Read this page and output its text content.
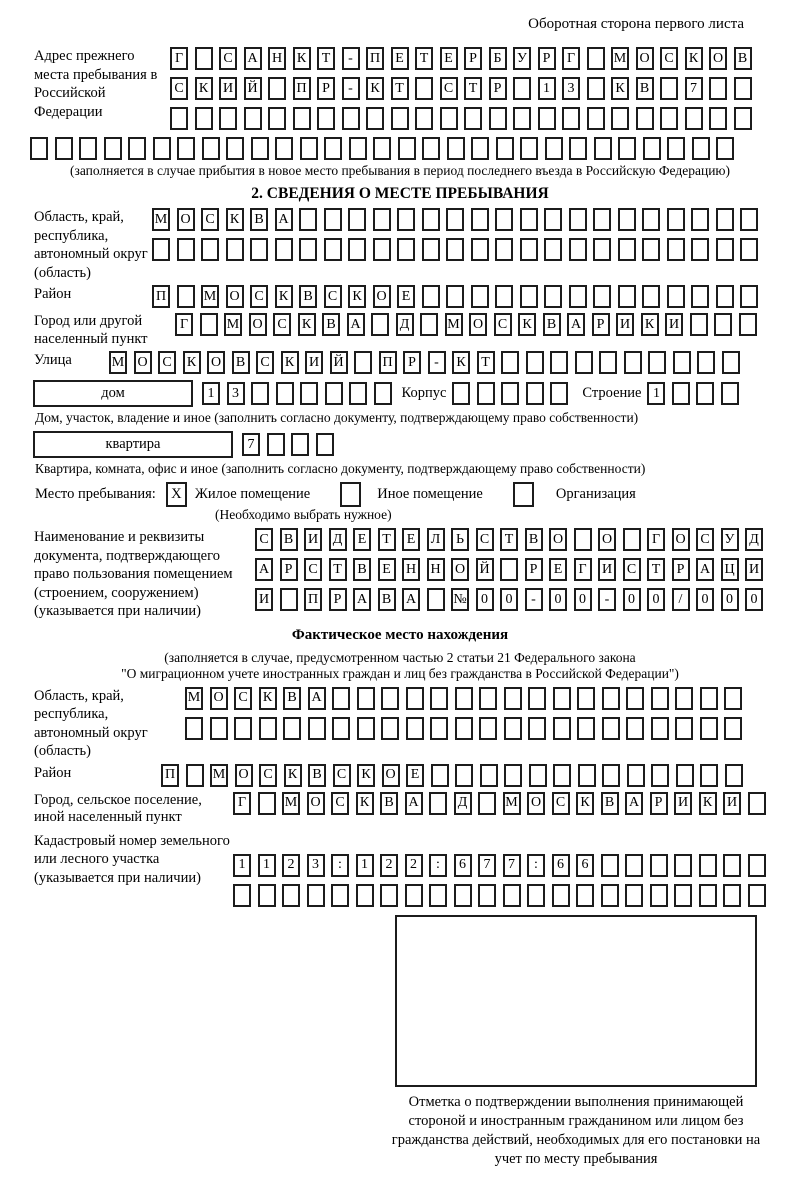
Оборотная сторона первого листа
Адрес прежнего места пребывания в Российской Федерации
Г	С	А Н	К	Т	-	П	Е	Т	Е	Р	Б	У	Р	Г	М О	С	К	О	В
С	К	И Й	П	Р	-	К	Т	С	Т	Р	1	3	К	В	7
(заполняется в случае прибытия в новое место пребывания в период последнего въезда в Российскую Федерацию)
2. СВЕДЕНИЯ О МЕСТЕ ПРЕБЫВАНИЯ
Область, край, республика, автономный округ (область)
М О	С	К	В	А
Район	П	М О	С	К	В	С	К	О	Е
Город или другой населенный пункт
Г	М О	С	К	В	А	Д	М О	С	К	В	А	Р	И	К	И
Улица	М О	С	К	О	В	С	К	И Й	П	Р	-	К	Т
дом	1	3	Корпус	Строение 1
Дом, участок, владение и иное (заполнить согласно документу, подтверждающему право собственности)
квартира	7
Квартира, комната, офис и иное (заполнить согласно документу, подтверждающему право собственности)
Место пребывания:	X Жилое помещение	Иное помещение	Организация
(Необходимо выбрать нужное)
Наименование и реквизиты документа, подтверждающего право пользования помещением (строением, сооружением) (указывается при наличии)
С	В	И	Д	Е	Т	Е	Л	Ь	С	Т	В	О	О	Г	О	С	У	Д
А	Р	С	Т	В	Е	Н Н О Й	Р	Е	Г	И	С	Т	Р	А Ц И
И	П	Р	А	В	А	№	0	0	-	0	0	-	0	0	/	0	0	0
Фактическое место нахождения
(заполняется в случае, предусмотренном частью 2 статьи 21 Федерального закона
"О миграционном учете иностранных граждан и лиц без гражданства в Российской Федерации")
Область, край, республика, автономный округ (область)
М О	С	К	В	А
Район	П	М О	С	К	В	С	К	О	Е
Город, сельское поселение, иной населенный пункт
Г	М О	С	К	В	А	Д	М О	С	К	В	А	Р	И	К	И
Кадастровый номер земельного или лесного участка (указывается при наличии)
1	1	2	3	:	1	2	2	:	6	7	7	:	6	6
Отметка о подтверждении выполнения принимающей стороной и иностранным гражданином или лицом без гражданства действий, необходимых для его постановки на учет по месту пребывания
